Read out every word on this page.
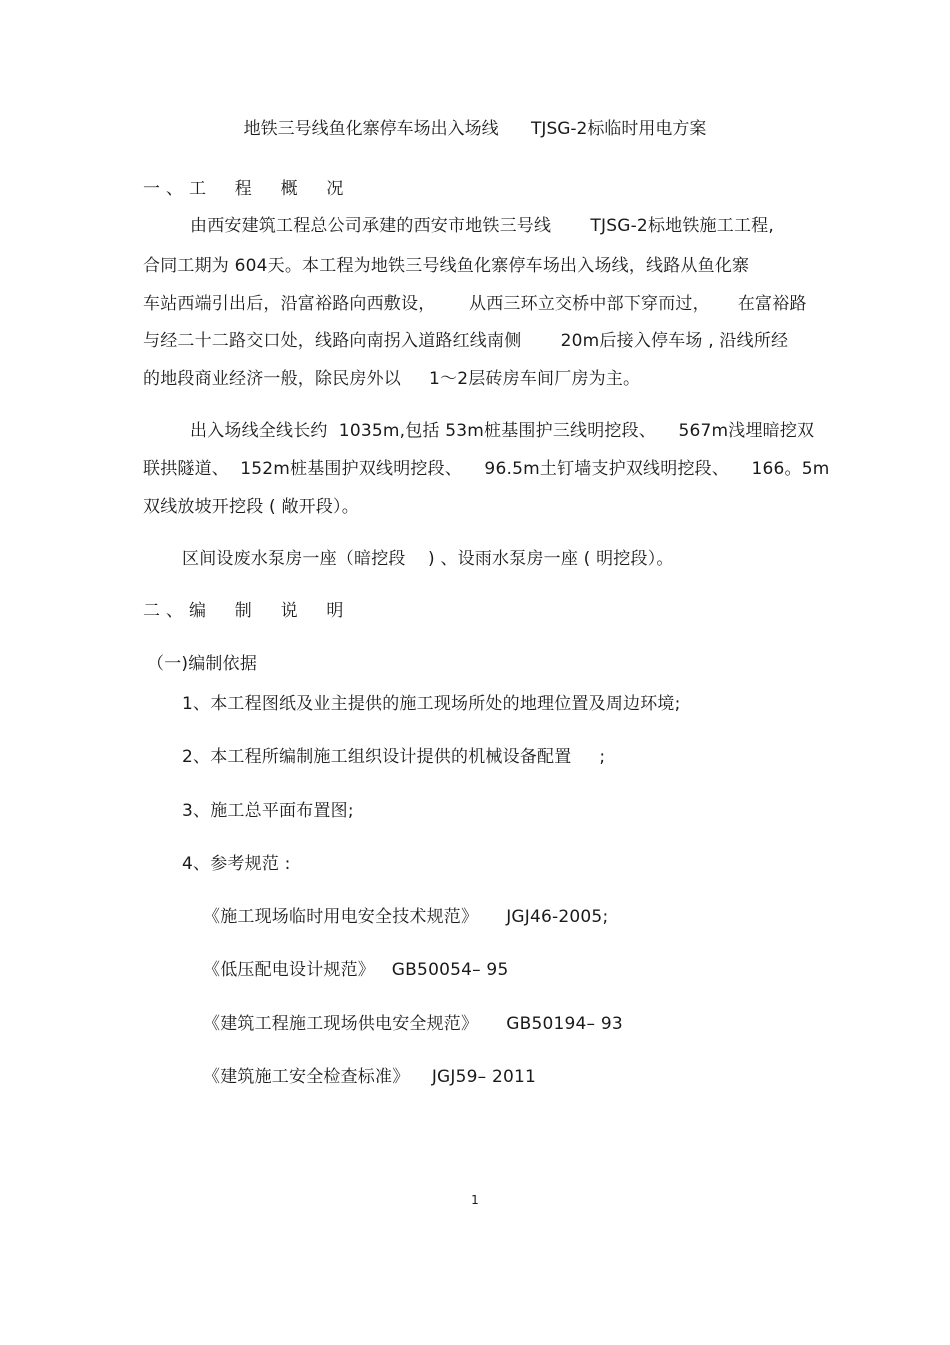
地铁三号线鱼化寨停车场出入场线      TJSG-2标临时用电方案
一、工  程  概  况
由西安建筑工程总公司承建的西安市地铁三号线       TJSG-2标地铁施工工程,
合同工期为 604天。本工程为地铁三号线鱼化寨停车场出入场线，线路从鱼化寨
车站西端引出后，沿富裕路向西敷设，      从西三环立交桥中部下穿而过，     在富裕路
与经二十二路交口处，线路向南拐入道路红线南侧       20m后接入停车场 , 沿线所经
的地段商业经济一般，除民房外以     1～2层砖房车间厂房为主。
出入场线全线长约  1035m,包括 53m桩基围护三线明挖段、    567m浅埋暗挖双
联拱隧道、  152m桩基围护双线明挖段、    96.5m土钉墙支护双线明挖段、    166。5m
双线放坡开挖段 ( 敞开段）。
区间设废水泵房一座（暗挖段    ) 、设雨水泵房一座 ( 明挖段）。
二、编  制  说  明
（一)编制依据
1、本工程图纸及业主提供的施工现场所处的地理位置及周边环境;
2、本工程所编制施工组织设计提供的机械设备配置     ;
3、施工总平面布置图;
4、参考规范 :
《施工现场临时用电安全技术规范》     JGJ46-2005;
《低压配电设计规范》   GB50054– 95
《建筑工程施工现场供电安全规范》     GB50194– 93
《建筑施工安全检查标准》    JGJ59– 2011
1
